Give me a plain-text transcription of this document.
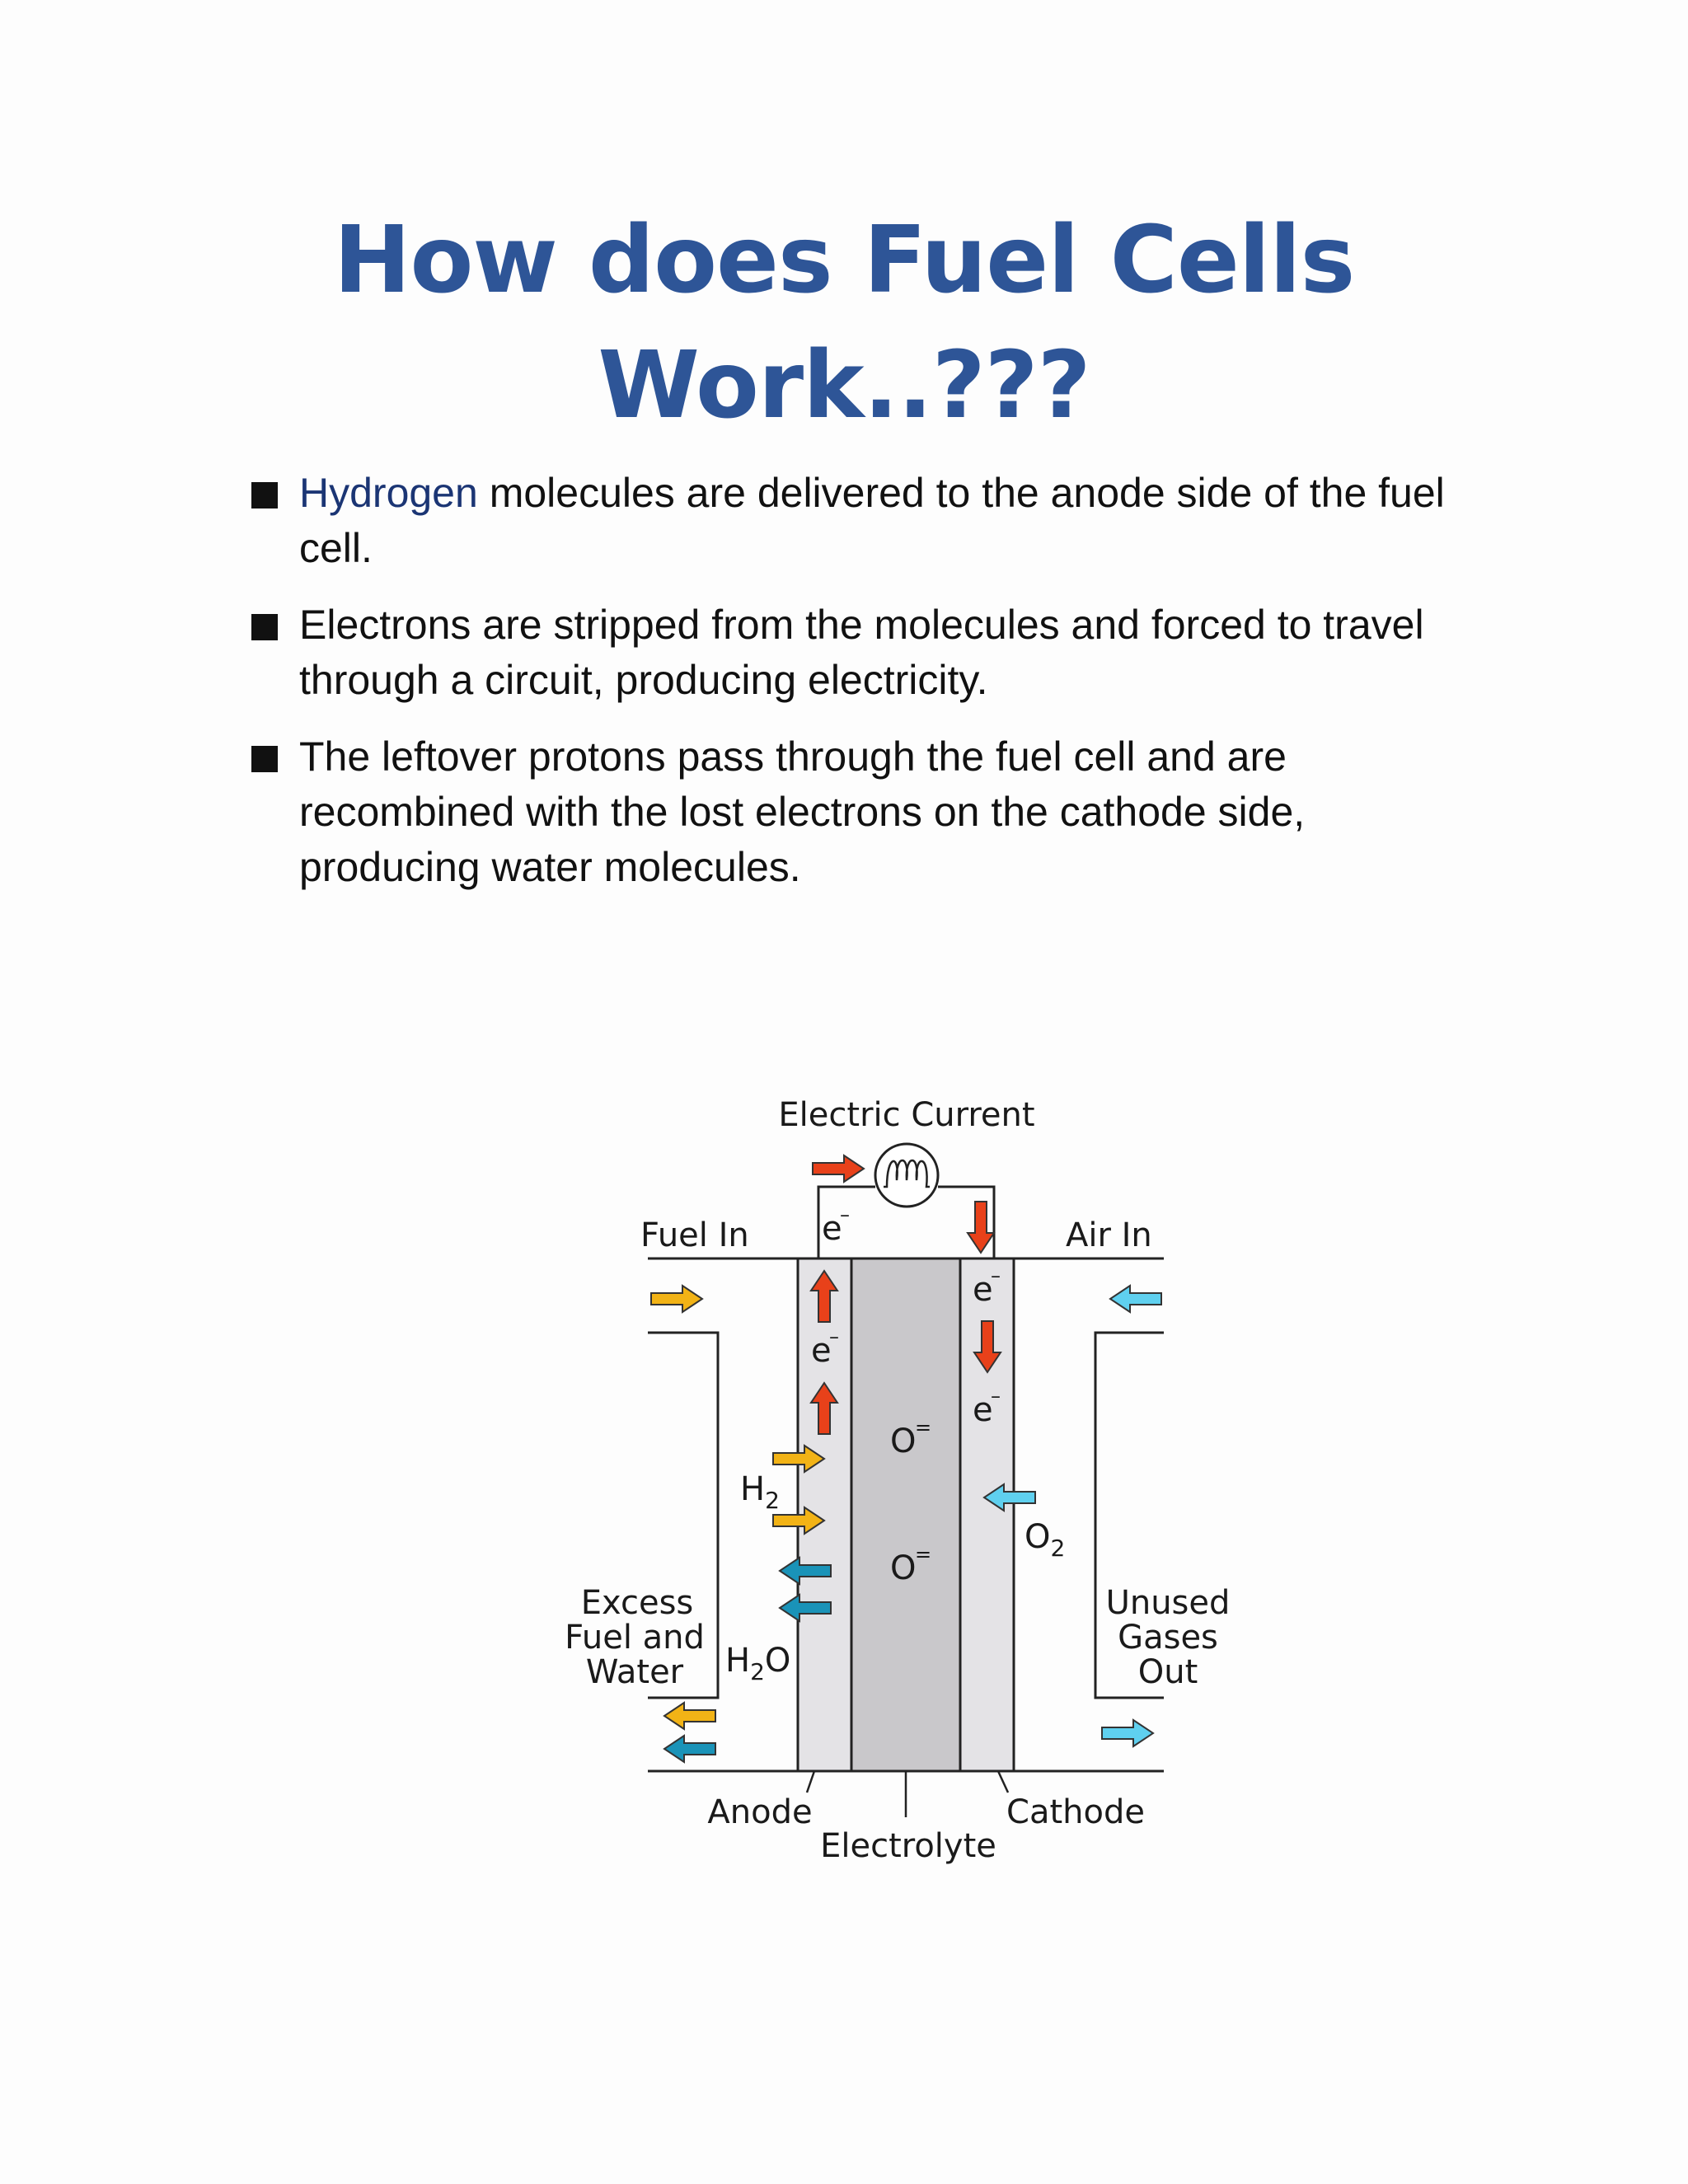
How does Fuel Cells
Work..???
Hydrogen molecules are delivered to the anode side of the fuel cell.
Electrons are stripped from the molecules and forced to travel through a circuit, producing electricity.
The leftover protons pass through the fuel cell and are recombined with the lost electrons on the cathode side, producing water molecules.
Electric Current
Fuel In	Air In
e
–
e
–
e
–
e
–
O
=
O
=
$H_2$
$H_2O$
$O_2$
Excess
Fuel and
Water
Unused
Gases
Out
Anode
Electrolyte
Cathode
